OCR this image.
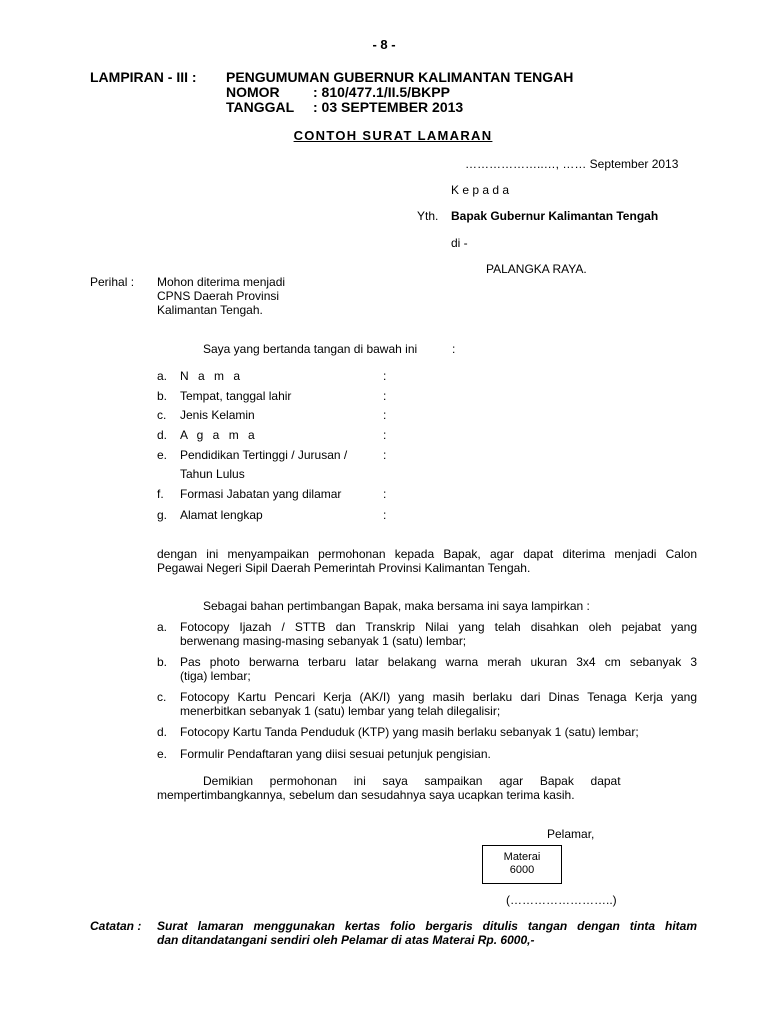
- 8 -
LAMPIRAN - III : PENGUMUMAN GUBERNUR KALIMANTAN TENGAH
NOMOR : 810/477.1/II.5/BKPP
TANGGAL : 03 SEPTEMBER 2013
CONTOH SURAT LAMARAN
………………..…, …… September 2013
K e p a d a
Yth. Bapak Gubernur Kalimantan Tengah
di -
PALANGKA RAYA.
Perihal : Mohon diterima menjadi
CPNS Daerah Provinsi
Kalimantan Tengah.
Saya yang bertanda tangan di bawah ini	:
a. N a m a	:
b. Tempat, tanggal lahir	:
c. Jenis Kelamin	:
d. A g a m a	:
e. Pendidikan Tertinggi / Jurusan /	:
Tahun Lulus
f. Formasi Jabatan yang dilamar	:
g. Alamat lengkap	:
dengan ini menyampaikan permohonan kepada Bapak, agar dapat diterima menjadi Calon
Pegawai Negeri Sipil Daerah Pemerintah Provinsi Kalimantan Tengah.
Sebagai bahan pertimbangan Bapak, maka bersama ini saya lampirkan :
a. Fotocopy Ijazah / STTB dan Transkrip Nilai yang telah disahkan oleh pejabat yang
berwenang masing-masing sebanyak 1 (satu) lembar;
b. Pas photo berwarna terbaru latar belakang warna merah ukuran 3x4 cm sebanyak 3
(tiga) lembar;
c. Fotocopy Kartu Pencari Kerja (AK/I) yang masih berlaku dari Dinas Tenaga Kerja yang
menerbitkan sebanyak 1 (satu) lembar yang telah dilegalisir;
d. Fotocopy Kartu Tanda Penduduk (KTP) yang masih berlaku sebanyak 1 (satu) lembar;
e. Formulir Pendaftaran yang diisi sesuai petunjuk pengisian.
Demikian     permohonan     ini     saya     sampaikan     agar     Bapak     dapat
mempertimbangkannya, sebelum dan sesudahnya saya ucapkan terima kasih.
Pelamar,
Materai
6000
(……………………..)
Catatan : Surat lamaran menggunakan kertas folio bergaris ditulis tangan dengan tinta hitam
dan ditandatangani sendiri oleh Pelamar di atas Materai Rp. 6000,-
